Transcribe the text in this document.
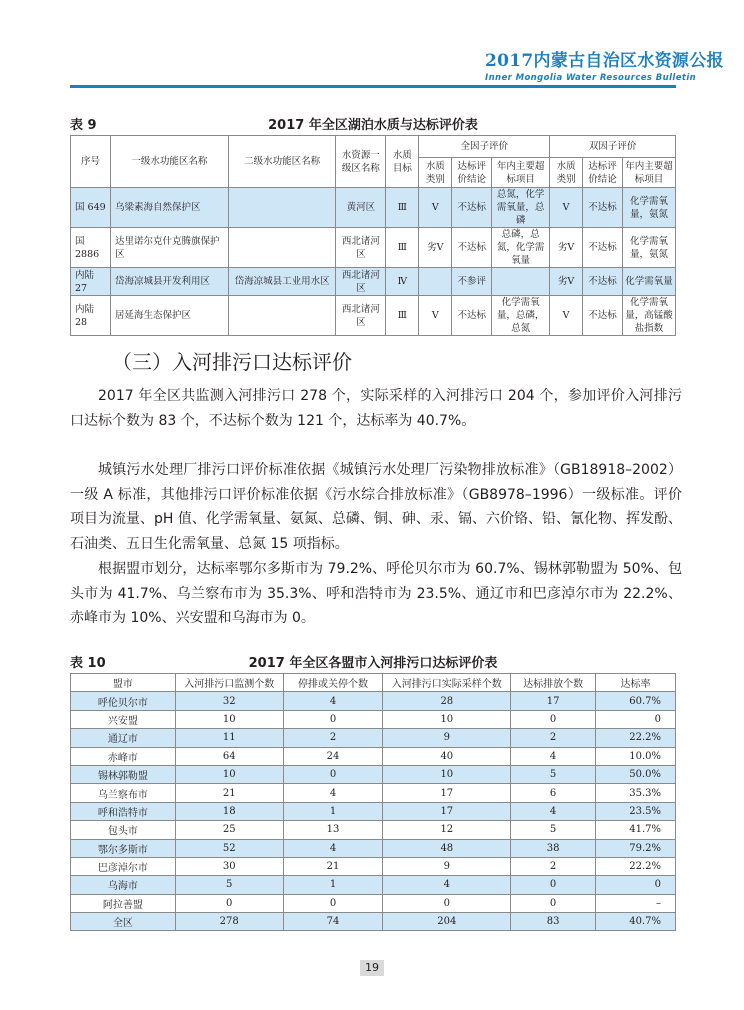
2017内蒙古自治区水资源公报
Inner Mongolia Water Resources Bulletin
表 9	2017 年全区湖泊水质与达标评价表
序号	一级水功能区名称	二级水功能区名称	水资源一级区名称	水质目标	全因子评价			双因子评价		
					水质类别	达标评价结论	年内主要超标项目	水质类别	达标评价结论	年内主要超标项目
国 649	乌梁素海自然保护区		黄河区	Ⅲ	Ⅴ	不达标	总氮，化学需氧量，总磷	Ⅴ	不达标	化学需氧量，氨氮
国 2886	达里诺尔克什克腾旗保护区		西北诸河区	Ⅲ	劣Ⅴ	不达标	总磷，总氮，化学需氧量	劣Ⅴ	不达标	化学需氧量，氨氮
内陆 27	岱海凉城县开发利用区	岱海凉城县工业用水区	西北诸河区	Ⅳ		不参评		劣Ⅴ	不达标	化学需氧量
内陆 28	居延海生态保护区		西北诸河区	Ⅲ	Ⅴ	不达标	化学需氧量，总磷，总氮	Ⅴ	不达标	化学需氧量，高锰酸盐指数
（三）入河排污口达标评价

2017 年全区共监测入河排污口 278 个，实际采样的入河排污口 204 个，参加评价入河排污口达标个数为 83 个，不达标个数为 121 个，达标率为 40.7%。

城镇污水处理厂排污口评价标准依据《城镇污水处理厂污染物排放标准》（GB18918–2002）一级 A 标准，其他排污口评价标准依据《污水综合排放标准》（GB8978–1996）一级标准。评价项目为流量、pH 值、化学需氧量、氨氮、总磷、铜、砷、汞、镉、六价铬、铅、氰化物、挥发酚、石油类、五日生化需氧量、总氮 15 项指标。

根据盟市划分，达标率鄂尔多斯市为 79.2%、呼伦贝尔市为 60.7%、锡林郭勒盟为 50%、包头市为 41.7%、乌兰察布市为 35.3%、呼和浩特市为 23.5%、通辽市和巴彦淖尔市为 22.2%、赤峰市为 10%、兴安盟和乌海市为 0。

表 10	2017 年全区各盟市入河排污口达标评价表
盟市	入河排污口监测个数	停排或关停个数	入河排污口实际采样个数	达标排放个数	达标率
呼伦贝尔市	32	4	28	17	60.7%
兴安盟	10	0	10	0	0
通辽市	11	2	9	2	22.2%
赤峰市	64	24	40	4	10.0%
锡林郭勒盟	10	0	10	5	50.0%
乌兰察布市	21	4	17	6	35.3%
呼和浩特市	18	1	17	4	23.5%
包头市	25	13	12	5	41.7%
鄂尔多斯市	52	4	48	38	79.2%
巴彦淖尔市	30	21	9	2	22.2%
乌海市	5	1	4	0	0
阿拉善盟	0	0	0	0	–
全区	278	74	204	83	40.7%
19
